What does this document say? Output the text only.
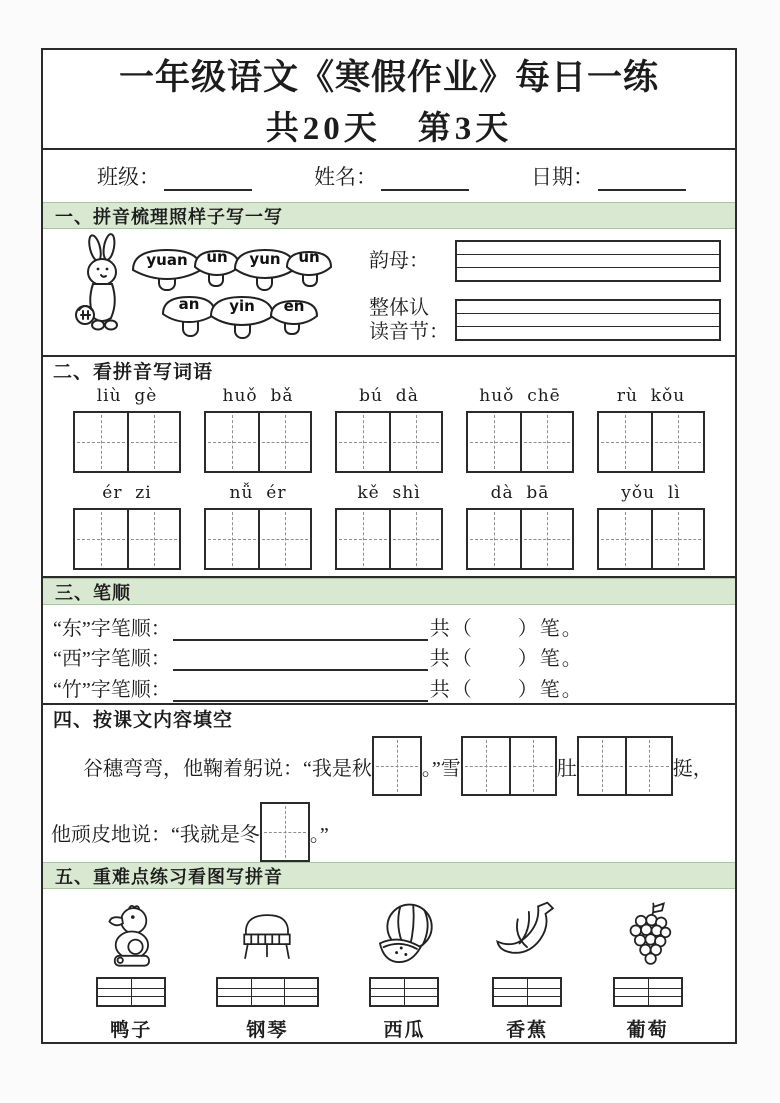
一年级语文《寒假作业》每日一练
共20天　第3天
班级：	姓名：	日期：
一、拼音梳理照样子写一写
yuan ün yun un
an yin en
韵母：
整体认
读音节：
二、看拼音写词语
liù  gè	huǒ  bǎ	bú  dà	huǒ  chē	rù  kǒu
ér  zi	nǚ  ér	kě  shì	dà  bā	yǒu  lì
三、笔顺
“东”字笔顺：	共（　　）笔。
“西”字笔顺：	共（　　）笔。
“竹”字笔顺：	共（　　）笔。
四、按课文内容填空
谷穗弯弯，他鞠着躬说：“我是秋	。”雪	肚	挺，
他顽皮地说：“我就是冬	。”
五、重难点练习看图写拼音
鸭子	钢琴	西瓜	香蕉	葡萄
